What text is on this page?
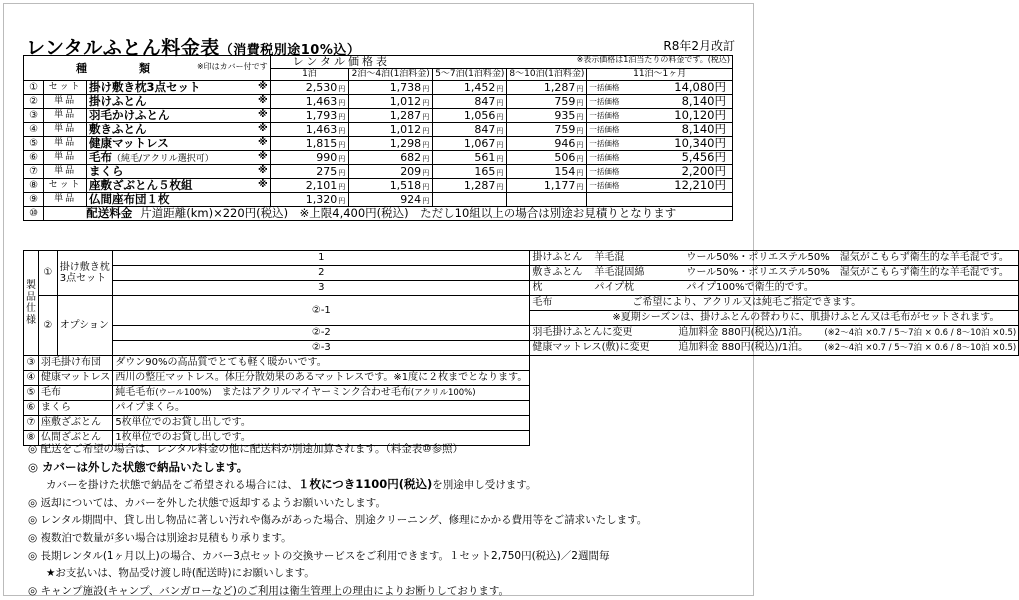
レンタルふとん料金表（消費税別途10%込）	R8年2月改訂
種　　類 ※印はカバー付です			レンタル価格表 ※表示価格は1泊当たりの料金です。(税込)				

			1泊	2泊～4泊(1泊料金)	5～7泊(1泊料金)	8～10泊(1泊料金)	11泊～1ヶ月
①	セット	掛け敷き枕3点セット ※	2,530円	1,738円	1,452円	1,287円	一括価格 14,080円

②	単品	掛けふとん ※	1,463円	1,012円	847円	759円	一括価格 8,140円

③	単品	羽毛かけふとん ※	1,793円	1,287円	1,056円	935円	一括価格 10,120円

④	単品	敷きふとん ※	1,463円	1,012円	847円	759円	一括価格 8,140円

⑤	単品	健康マットレス ※	1,815円	1,298円	1,067円	946円	一括価格 10,340円

⑥	単品	毛布（純毛/アクリル選択可） ※	990円	682円	561円	506円	一括価格 5,456円

⑦	単品	まくら ※	275円	209円	165円	154円	一括価格 2,200円

⑧	セット	座敷ざぶとん５枚組 ※	2,101円	1,518円	1,287円	1,177円	一括価格 12,210円

⑨	単品	仏間座布団１枚	1,320円	924円			
⑩	配送料金 片道距離(km)×220円(税込)　※上限4,400円(税込)　ただし10組以上の場合は別途お見積りとなります						
製品仕様	①	掛け敷き枕3点セット	1	掛けふとん 羊毛混 ウール50%・ポリエステル50%　湿気がこもらず衛生的な羊毛混です。
			2	敷きふとん 羊毛混固綿 ウール50%・ポリエステル50%　湿気がこもらず衛生的な羊毛混です。
			3	枕 パイプ枕 パイプ100%で衛生的です。
	②	オプション	②-1	毛布 ご希望により、アクリル又は純毛ご指定できます。
				※夏期シーズンは、掛けふとんの替わりに、肌掛けふとん又は毛布がセットされます。
			②-2	羽毛掛けふとんに変更 追加料金 880円(税込)/1泊。 (※2～4泊 ×0.7 / 5～7泊 × 0.6 / 8～10泊 ×0.5)
			②-3	健康マットレス(敷)に変更 追加料金 880円(税込)/1泊。 (※2～4泊 ×0.7 / 5～7泊 × 0.6 / 8～10泊 ×0.5)
③	羽毛掛け布団		ダウン90%の高品質でとても軽く暖かいです。	
④	健康マットレス		西川の整圧マットレス。体圧分散効果のあるマットレスです。※1度に２枚までとなります。	
⑤	毛布		純毛毛布(ウール100%)　またはアクリルマイヤーミンク合わせ毛布(アクリル100%)	
⑥	まくら		パイプまくら。	
⑦	座敷ざぶとん		5枚単位でのお貸し出しです。	
⑧	仏間ざぶとん		1枚単位でのお貸し出しです。	
◎ 配送をご希望の場合は、レンタル料金の他に配送料が別途加算されます。（料金表⑩参照）
◎ カバーは外した状態で納品いたします。
カバーを掛けた状態で納品をご希望される場合には、１枚につき1100円(税込)を別途申し受けます。
◎ 返却については、カバーを外した状態で返却するようお願いいたします。
◎ レンタル期間中、貸し出し物品に著しい汚れや傷みがあった場合、別途クリーニング、修理にかかる費用等をご請求いたします。
◎ 複数泊で数量が多い場合は別途お見積もり承ります。
◎ 長期レンタル(1ヶ月以上)の場合、カバー3点セットの交換サービスをご利用できます。１セット2,750円(税込)／2週間毎
★お支払いは、物品受け渡し時(配送時)にお願いします。
◎ キャンプ施設(キャンプ、バンガローなど)のご利用は衛生管理上の理由によりお断りしております。
